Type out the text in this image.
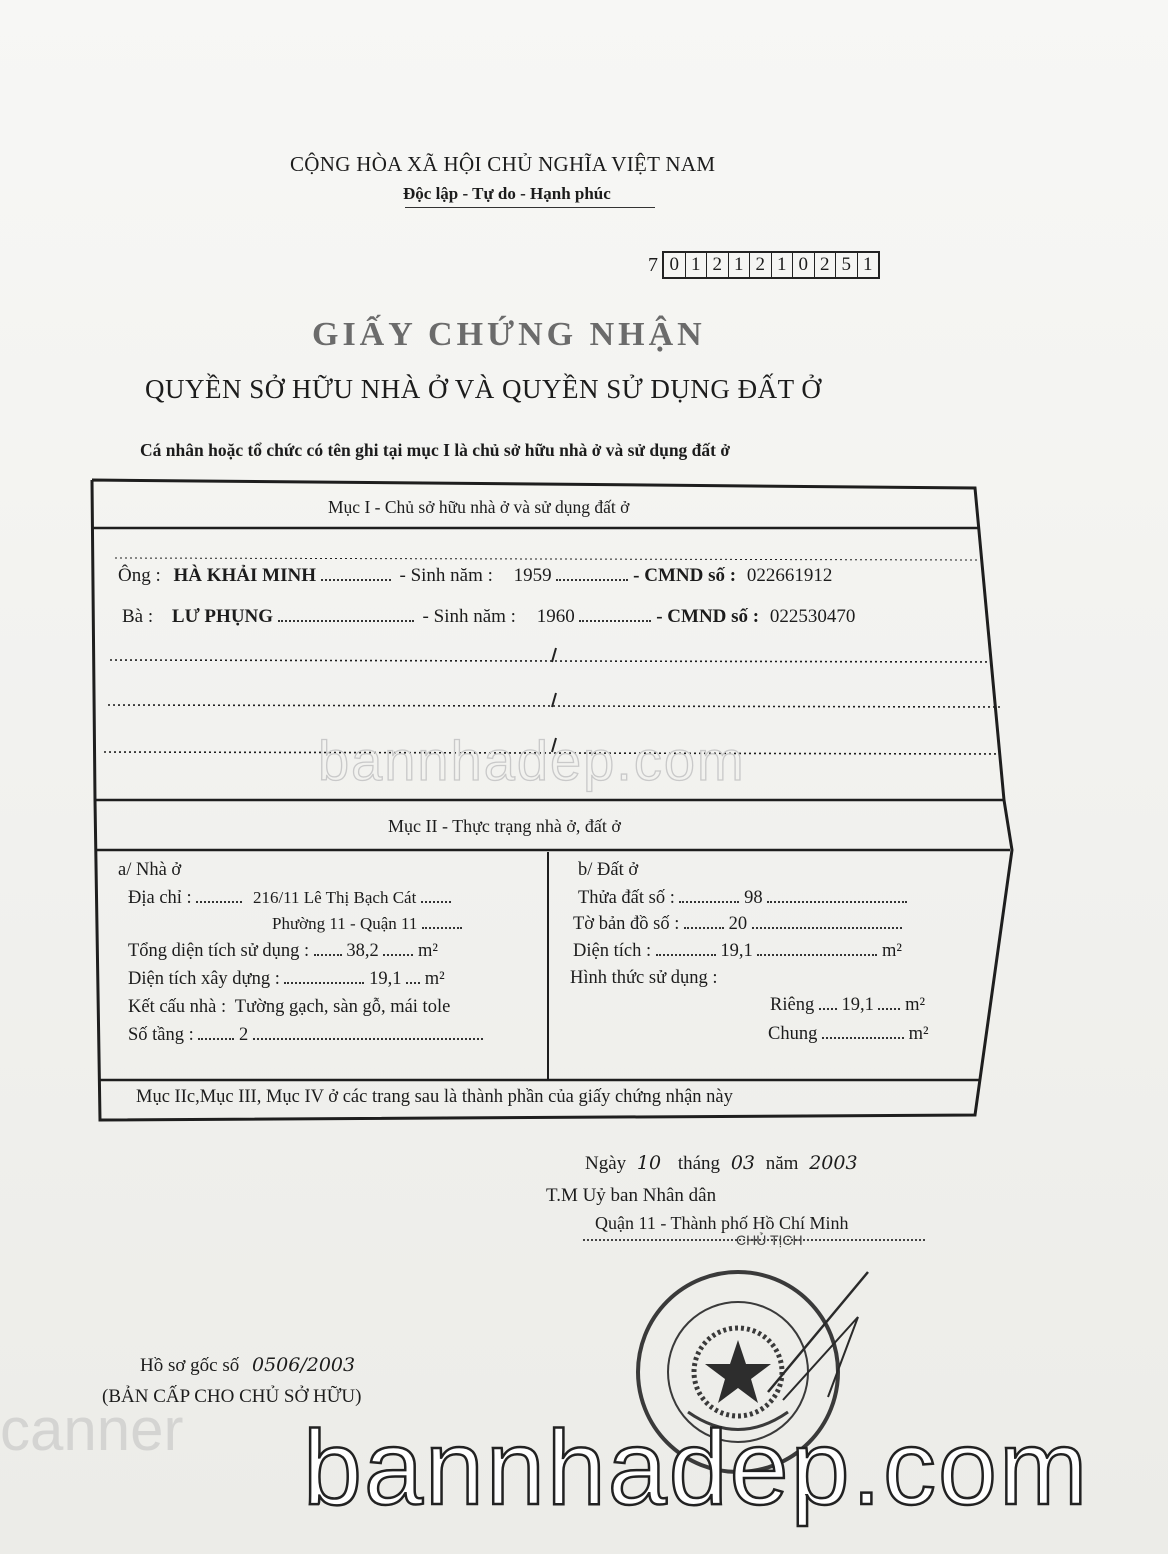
CỘNG HÒA XÃ HỘI CHỦ NGHĨA VIỆT NAM
Độc lập - Tự do - Hạnh phúc
7 0 1 2 1 2 1 0 2 5 1
GIẤY CHỨNG NHẬN
QUYỀN SỞ HỮU NHÀ Ở VÀ QUYỀN SỬ DỤNG ĐẤT Ở
Cá nhân hoặc tổ chức có tên ghi tại mục I là chủ sở hữu nhà ở và sử dụng đất ở
Mục I - Chủ sở hữu nhà ở và sử dụng đất ở
Ông : HÀ KHẢI MINH	- Sinh năm : 1959	- CMND số : 022661912
Bà : LƯ PHỤNG	- Sinh năm : 1960	- CMND số : 022530470
Mục II - Thực trạng nhà ở, đất ở
a/ Nhà ở
Địa chỉ :	216/11 Lê Thị Bạch Cát
Phường 11 - Quận 11
Tổng diện tích sử dụng : 38,2 m²
Diện tích xây dựng :	19,1 m²
Kết cấu nhà : Tường gạch, sàn gỗ, mái tole
Số tầng : 2
b/ Đất ở
Thửa đất số :	98
Tờ bản đồ số :	20
Diện tích :	19,1	m²
Hình thức sử dụng :
Riêng 19,1 m²
Chung	m²
Mục IIc,Mục III, Mục IV ở các trang sau là thành phần của giấy chứng nhận này
Ngày 10 tháng 03 năm 2003
T.M Uỷ ban Nhân dân
Quận 11 - Thành phố Hồ Chí Minh
CHỦ TỊCH
Hồ sơ gốc số 0506/2003
(BẢN CẤP CHO CHỦ SỞ HỮU)
bannhadep.com
canner bannhadep.com
